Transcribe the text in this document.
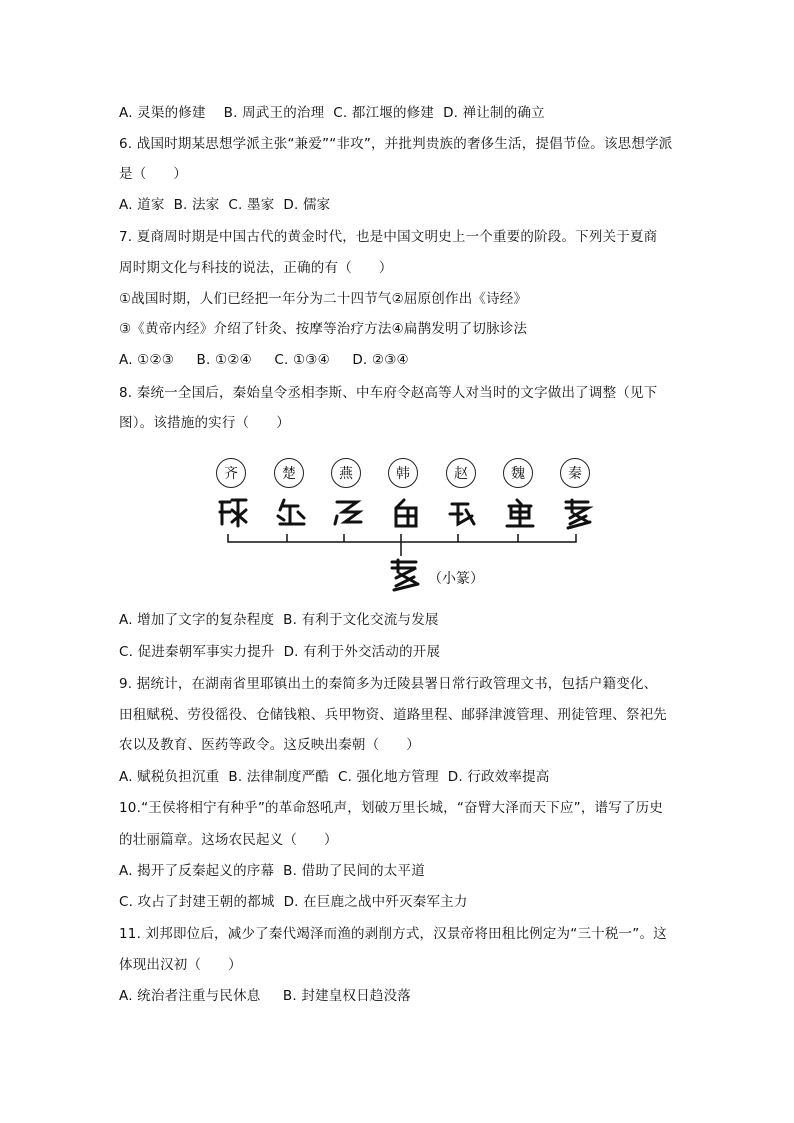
A. 灵渠的修建    B. 周武王的治理  C. 都江堰的修建  D. 禅让制的确立
6. 战国时期某思想学派主张“兼爱”“非攻”，并批判贵族的奢侈生活，提倡节俭。该思想学派
是（      ）
A. 道家  B. 法家  C. 墨家  D. 儒家
7. 夏商周时期是中国古代的黄金时代，也是中国文明史上一个重要的阶段。下列关于夏商
周时期文化与科技的说法，正确的有（      ）
①战国时期，人们已经把一年分为二十四节气②屈原创作出《诗经》
③《黄帝内经》介绍了针灸、按摩等治疗方法④扁鹊发明了切脉诊法
A. ①②③     B. ①②④     C. ①③④     D. ②③④
8. 秦统一全国后，秦始皇令丞相李斯、中车府令赵高等人对当时的文字做出了调整（见下
图）。该措施的实行（      ）
A. 增加了文字的复杂程度  B. 有利于文化交流与发展
C. 促进秦朝军事实力提升  D. 有利于外交活动的开展
9. 据统计，在湖南省里耶镇出土的秦简多为迁陵县署日常行政管理文书，包括户籍变化、
田租赋税、劳役徭役、仓储钱粮、兵甲物资、道路里程、邮驿津渡管理、刑徒管理、祭祀先
农以及教育、医药等政令。这反映出秦朝（      ）
A. 赋税负担沉重  B. 法律制度严酷  C. 强化地方管理  D. 行政效率提高
10.“王侯将相宁有种乎”的革命怒吼声，划破万里长城，“奋臂大泽而天下应”，谱写了历史
的壮丽篇章。这场农民起义（      ）
A. 揭开了反秦起义的序幕  B. 借助了民间的太平道
C. 攻占了封建王朝的都城  D. 在巨鹿之战中歼灭秦军主力
11. 刘邦即位后，减少了秦代竭泽而渔的剥削方式，汉景帝将田租比例定为“三十税一”。这
体现出汉初（      ）
A. 统治者注重与民休息     B. 封建皇权日趋没落
齐	楚	燕	韩	赵	魏	秦
（小篆）
